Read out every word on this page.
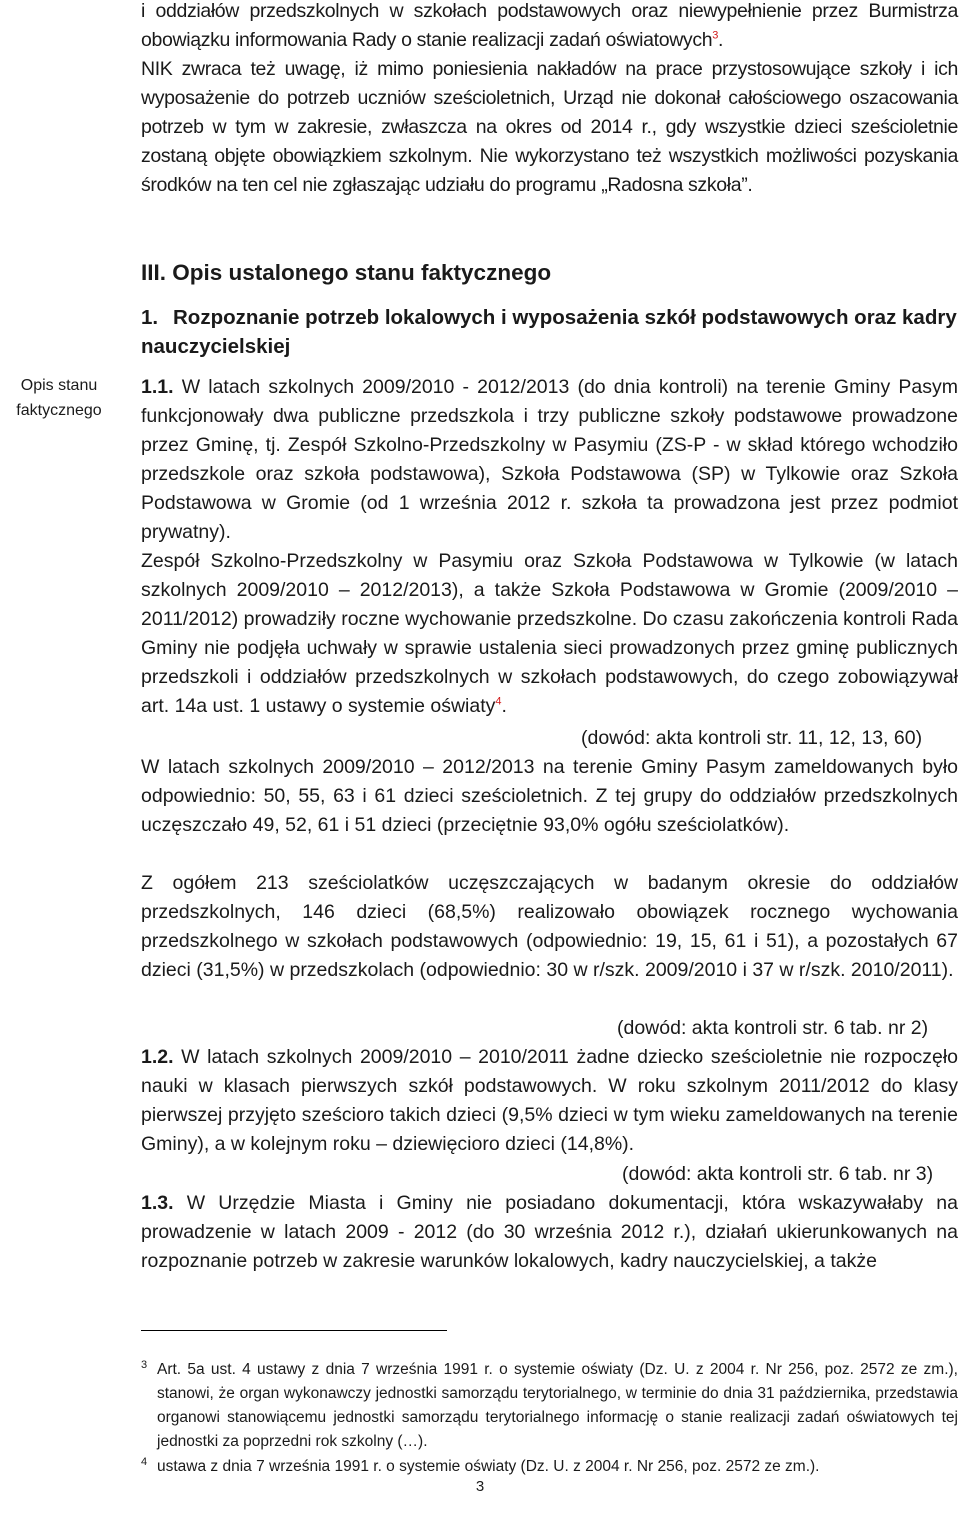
Opis stanu faktycznego

i oddziałów przedszkolnych w szkołach podstawowych oraz niewypełnienie przez Burmistrza obowiązku informowania Rady o stanie realizacji zadań oświatowych$^3$.

NIK zwraca też uwagę, iż mimo poniesienia nakładów na prace przystosowujące szkoły i ich wyposażenie do potrzeb uczniów sześcioletnich, Urząd nie dokonał całościowego oszacowania potrzeb w tym w zakresie, zwłaszcza na okres od 2014 r., gdy wszystkie dzieci sześcioletnie zostaną objęte obowiązkiem szkolnym. Nie wykorzystano też wszystkich możliwości pozyskania środków na ten cel nie zgłaszając udziału do programu „Radosna szkoła”.

III. Opis ustalonego stanu faktycznego
1. Rozpoznanie potrzeb lokalowych i wyposażenia szkół podstawowych oraz kadry nauczycielskiej

1.1. W latach szkolnych 2009/2010 - 2012/2013 (do dnia kontroli) na terenie Gminy Pasym funkcjonowały dwa publiczne przedszkola i trzy publiczne szkoły podstawowe prowadzone przez Gminę, tj. Zespół Szkolno-Przedszkolny w Pasymiu (ZS-P - w skład którego wchodziło przedszkole oraz szkoła podstawowa), Szkoła Podstawowa (SP) w Tylkowie oraz Szkoła Podstawowa w Gromie (od 1 września 2012 r. szkoła ta prowadzona jest przez podmiot prywatny).

Zespół Szkolno-Przedszkolny w Pasymiu oraz Szkoła Podstawowa w Tylkowie (w latach szkolnych 2009/2010 – 2012/2013), a także Szkoła Podstawowa w Gromie (2009/2010 – 2011/2012) prowadziły roczne wychowanie przedszkolne. Do czasu zakończenia kontroli Rada Gminy nie podjęła uchwały w sprawie ustalenia sieci prowadzonych przez gminę publicznych przedszkoli i oddziałów przedszkolnych w szkołach podstawowych, do czego zobowiązywał art. 14a ust. 1 ustawy o systemie oświaty$^4$.

(dowód: akta kontroli str. 11, 12, 13, 60)

W latach szkolnych 2009/2010 – 2012/2013 na terenie Gminy Pasym zameldowanych było odpowiednio: 50, 55, 63 i 61 dzieci sześcioletnich. Z tej grupy do oddziałów przedszkolnych uczęszczało 49, 52, 61 i 51 dzieci (przeciętnie 93,0% ogółu sześciolatków).

Z ogółem 213 sześciolatków uczęszczających w badanym okresie do oddziałów przedszkolnych, 146 dzieci (68,5%) realizowało obowiązek rocznego wychowania przedszkolnego w szkołach podstawowych (odpowiednio: 19, 15, 61 i 51), a pozostałych 67 dzieci (31,5%) w przedszkolach (odpowiednio: 30 w r/szk. 2009/2010 i 37 w r/szk. 2010/2011).

(dowód: akta kontroli str. 6 tab. nr 2)

1.2. W latach szkolnych 2009/2010 – 2010/2011 żadne dziecko sześcioletnie nie rozpoczęło nauki w klasach pierwszych szkół podstawowych. W roku szkolnym 2011/2012 do klasy pierwszej przyjęto sześcioro takich dzieci (9,5% dzieci w tym wieku zameldowanych na terenie Gminy), a w kolejnym roku – dziewięcioro dzieci (14,8%).

(dowód: akta kontroli str. 6 tab. nr 3)

1.3. W Urzędzie Miasta i Gminy nie posiadano dokumentacji, która wskazywałaby na prowadzenie w latach 2009 - 2012 (do 30 września 2012 r.), działań ukierunkowanych na rozpoznanie potrzeb w zakresie warunków lokalowych, kadry nauczycielskiej, a także

3 Art. 5a ust. 4 ustawy z dnia 7 września 1991 r. o systemie oświaty (Dz. U. z 2004 r. Nr 256, poz. 2572 ze zm.), stanowi, że organ wykonawczy jednostki samorządu terytorialnego, w terminie do dnia 31 października, przedstawia organowi stanowiącemu jednostki samorządu terytorialnego informację o stanie realizacji zadań oświatowych tej jednostki za poprzedni rok szkolny (…).

4 ustawa z dnia 7 września 1991 r. o systemie oświaty (Dz. U. z 2004 r. Nr 256, poz. 2572 ze zm.).

3
